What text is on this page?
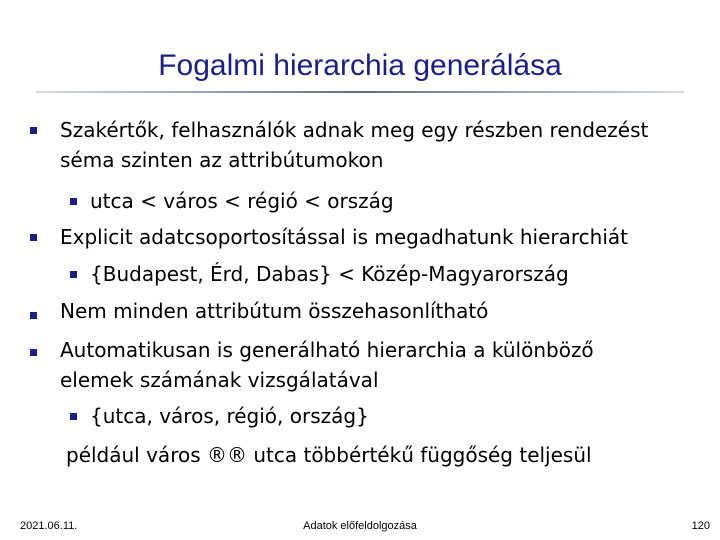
Fogalmi hierarchia generálása
Szakértők, felhasználók adnak meg egy részben rendezést
séma szinten az attribútumokon
utca < város < régió < ország
Explicit adatcsoportosítással is megadhatunk hierarchiát
{Budapest, Érd, Dabas} < Közép-Magyarország
Nem minden attribútum összehasonlítható
Automatikusan is generálható hierarchia a különböző
elemek számának vizsgálatával
{utca, város, régió, ország}
például város ®® utca többértékű függőség teljesül
2021.06.11.	Adatok előfeldolgozása	120
